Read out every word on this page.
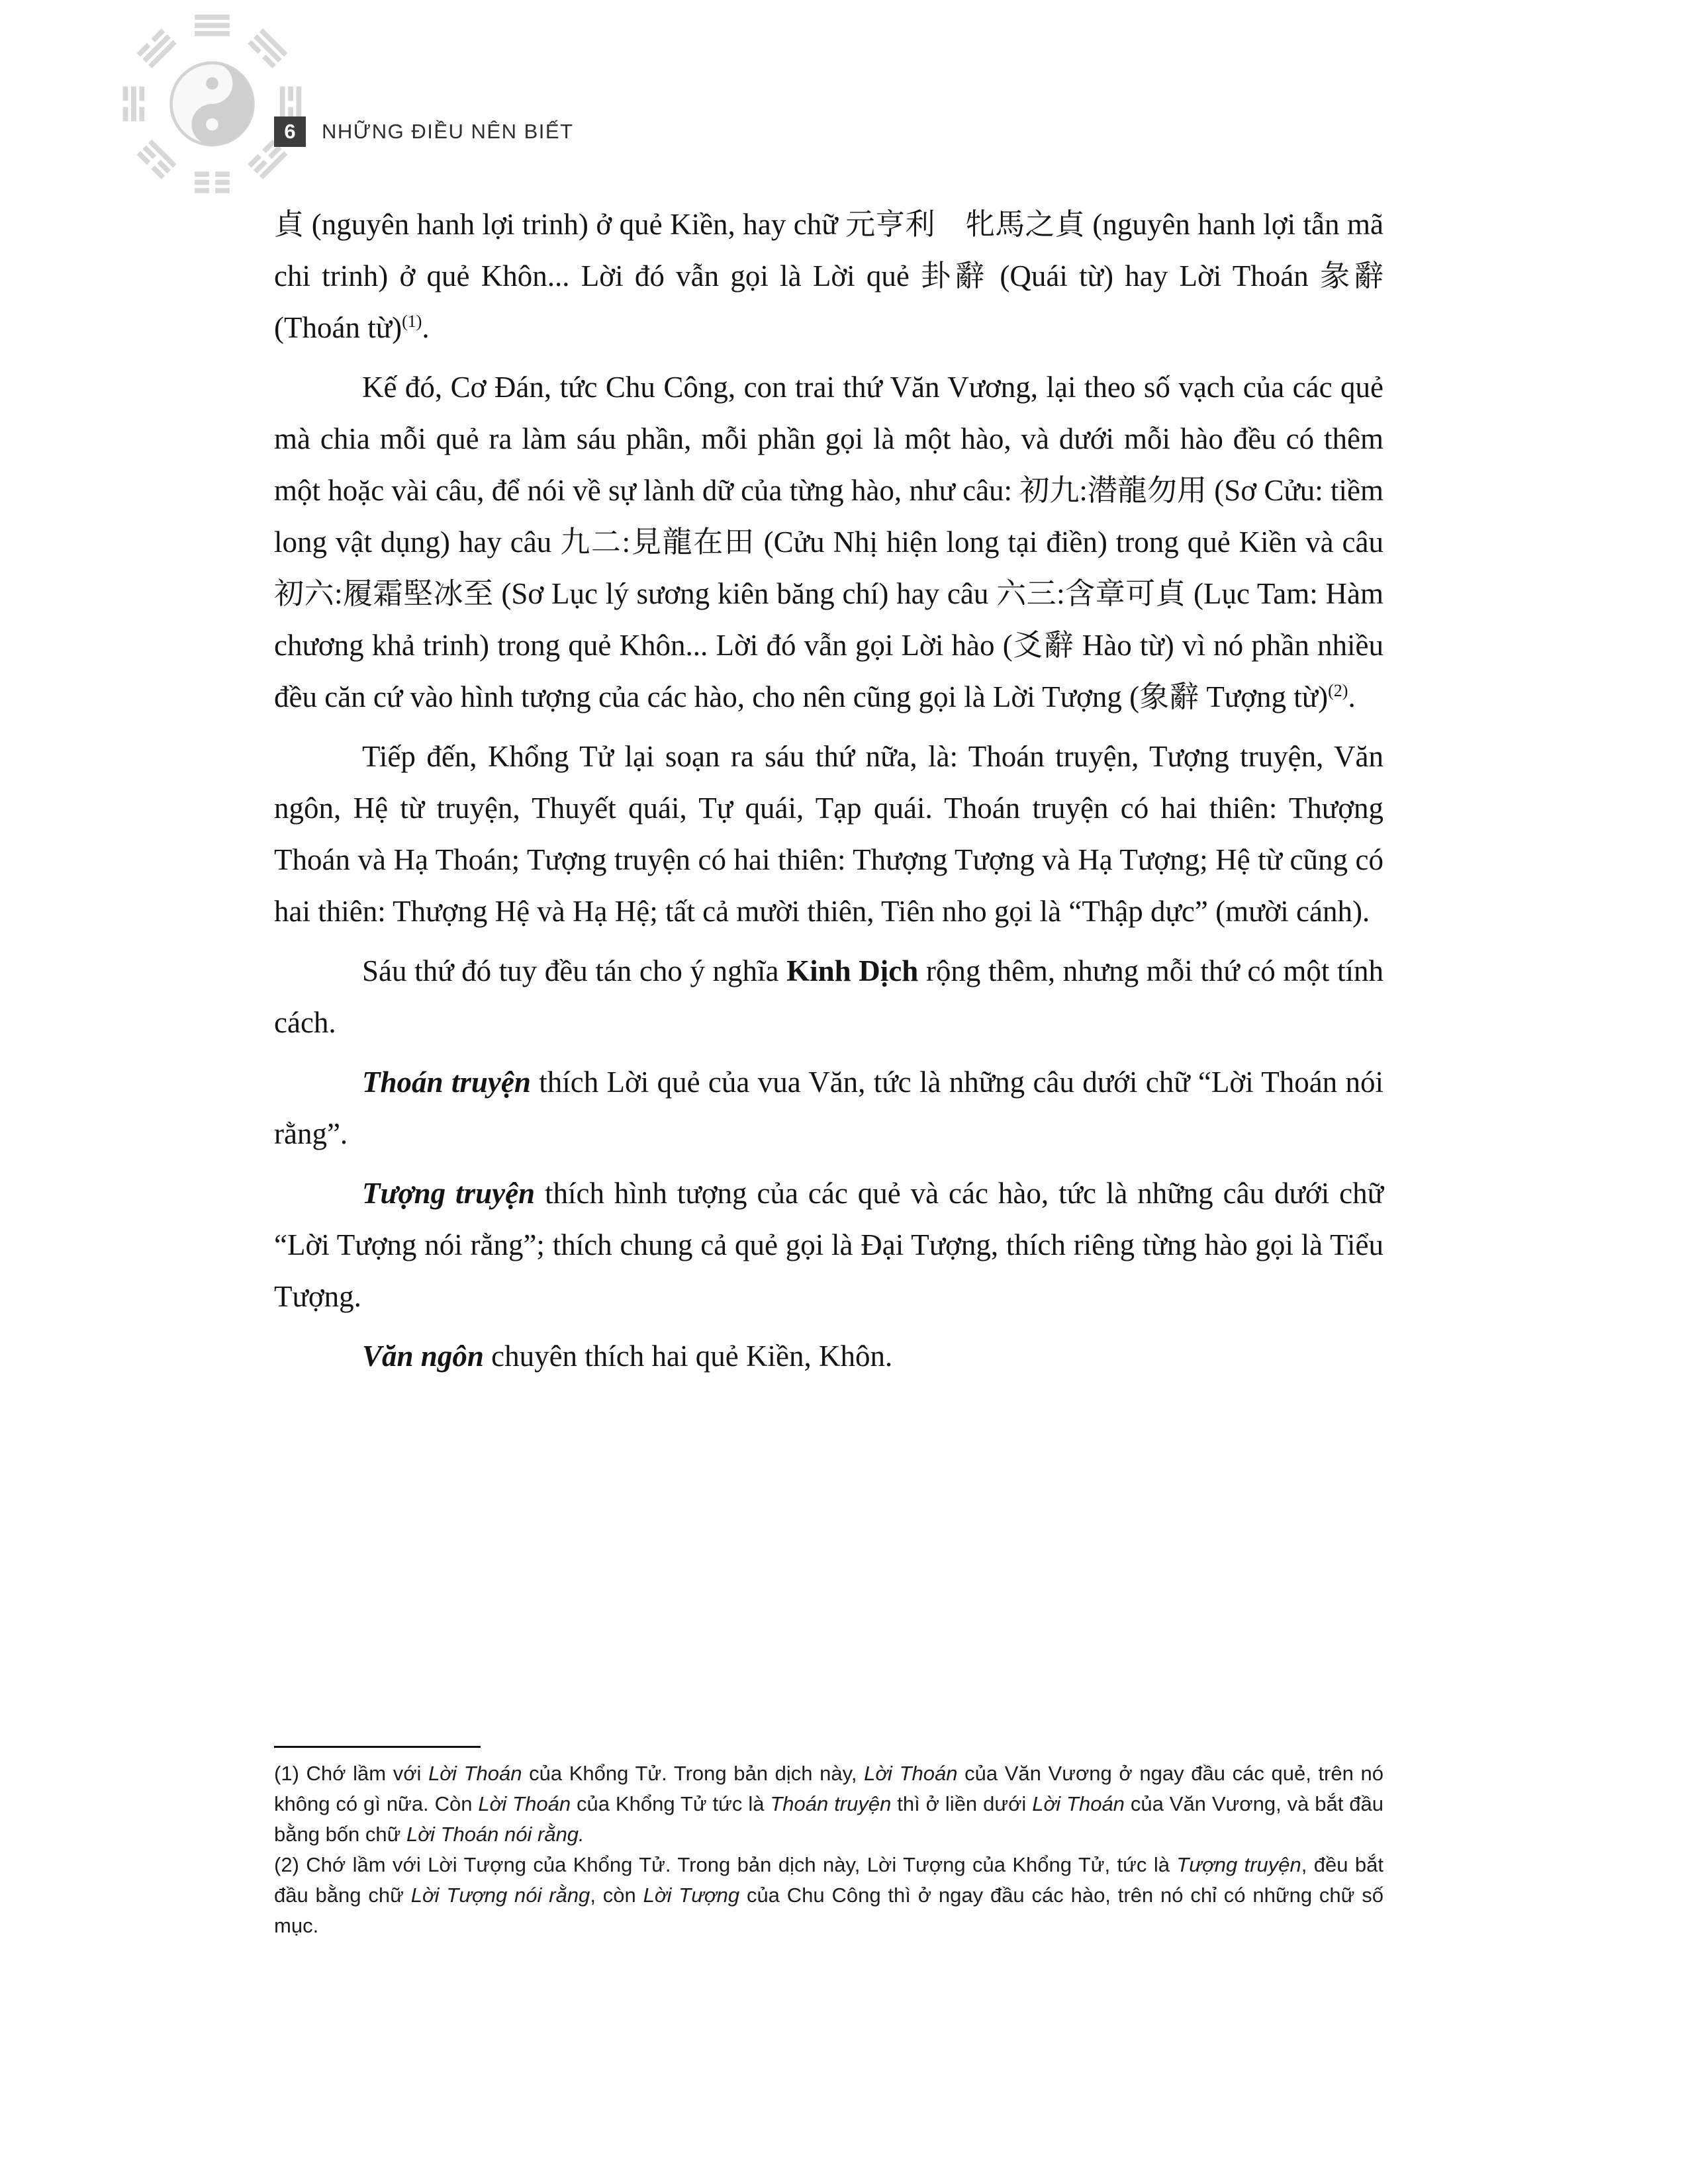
6	NHỮNG ĐIỀU NÊN BIẾT

貞 (nguyên hanh lợi trinh) ở quẻ Kiền, hay chữ 元亨利　牝馬之貞 (nguyên hanh lợi tẫn mã chi trinh) ở quẻ Khôn... Lời đó vẫn gọi là Lời quẻ 卦辭 (Quái từ) hay Lời Thoán 彖辭 (Thoán từ)$^{(1)}$.

Kế đó, Cơ Đán, tức Chu Công, con trai thứ Văn Vương, lại theo số vạch của các quẻ mà chia mỗi quẻ ra làm sáu phần, mỗi phần gọi là một hào, và dưới mỗi hào đều có thêm một hoặc vài câu, để nói về sự lành dữ của từng hào, như câu: 初九:潜龍勿用 (Sơ Cửu: tiềm long vật dụng) hay câu 九二:見龍在田 (Cửu Nhị hiện long tại điền) trong quẻ Kiền và câu 初六:履霜堅冰至 (Sơ Lục lý sương kiên băng chí) hay câu 六三:含章可貞 (Lục Tam: Hàm chương khả trinh) trong quẻ Khôn... Lời đó vẫn gọi Lời hào (爻辭 Hào từ) vì nó phần nhiều đều căn cứ vào hình tượng của các hào, cho nên cũng gọi là Lời Tượng (象辭 Tượng từ)$^{(2)}$.

Tiếp đến, Khổng Tử lại soạn ra sáu thứ nữa, là: Thoán truyện, Tượng truyện, Văn ngôn, Hệ từ truyện, Thuyết quái, Tự quái, Tạp quái. Thoán truyện có hai thiên: Thượng Thoán và Hạ Thoán; Tượng truyện có hai thiên: Thượng Tượng và Hạ Tượng; Hệ từ cũng có hai thiên: Thượng Hệ và Hạ Hệ; tất cả mười thiên, Tiên nho gọi là “Thập dực” (mười cánh).

Sáu thứ đó tuy đều tán cho ý nghĩa Kinh Dịch rộng thêm, nhưng mỗi thứ có một tính cách.

Thoán truyện thích Lời quẻ của vua Văn, tức là những câu dưới chữ “Lời Thoán nói rằng”.

Tượng truyện thích hình tượng của các quẻ và các hào, tức là những câu dưới chữ “Lời Tượng nói rằng”; thích chung cả quẻ gọi là Đại Tượng, thích riêng từng hào gọi là Tiểu Tượng.

Văn ngôn chuyên thích hai quẻ Kiền, Khôn.

(1) Chớ lầm với Lời Thoán của Khổng Tử. Trong bản dịch này, Lời Thoán của Văn Vương ở ngay đầu các quẻ, trên nó không có gì nữa. Còn Lời Thoán của Khổng Tử tức là Thoán truyện thì ở liền dưới Lời Thoán của Văn Vương, và bắt đầu bằng bốn chữ Lời Thoán nói rằng.

(2) Chớ lầm với Lời Tượng của Khổng Tử. Trong bản dịch này, Lời Tượng của Khổng Tử, tức là Tượng truyện, đều bắt đầu bằng chữ Lời Tượng nói rằng, còn Lời Tượng của Chu Công thì ở ngay đầu các hào, trên nó chỉ có những chữ số mục.
